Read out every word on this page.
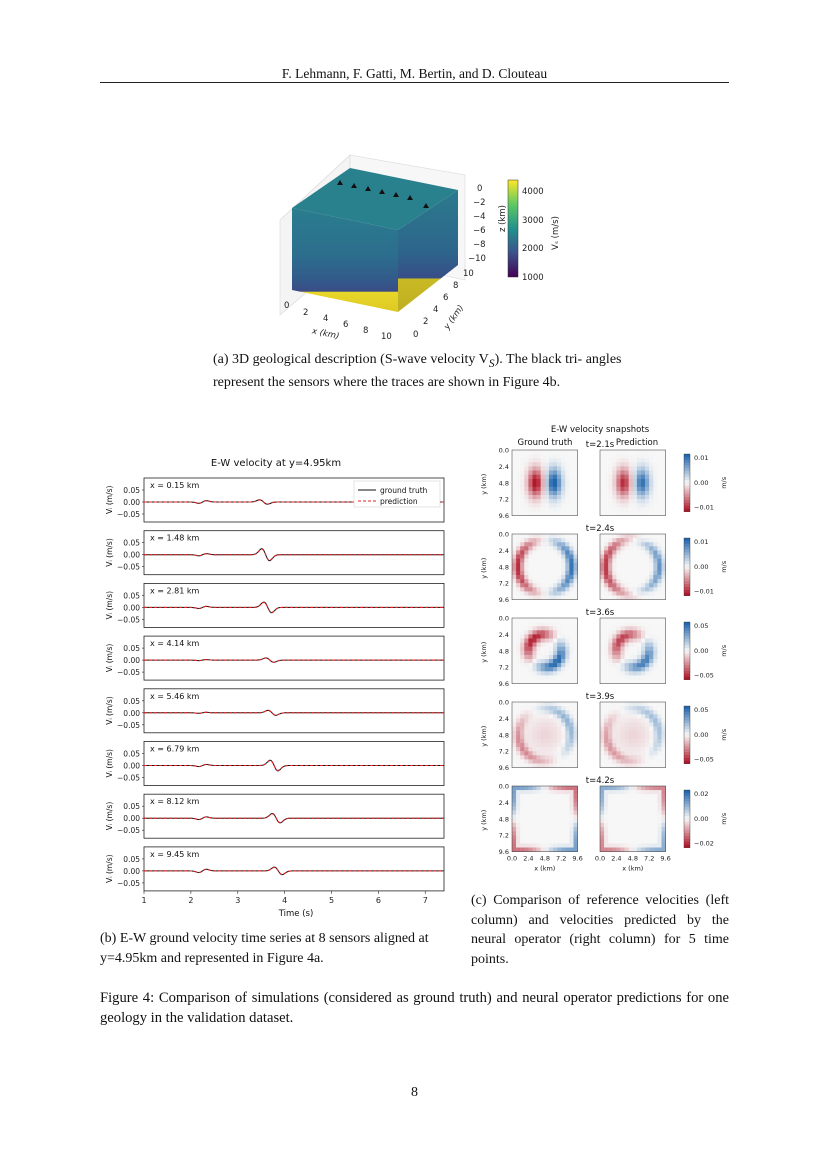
F. Lehmann, F. Gatti, M. Bertin, and D. Clouteau
0
−2
−4
−6
−8
−10
z (km)
0
2
4
6
8
10
x (km)	0
2
4
6
8
10
y (km)
4000
3000
2000
1000
Vₛ (m/s)
(a) 3D geological description (S-wave velocity $V_S$). The black tri- angles represent the sensors where the traces are shown in Figure 4b.
E-W velocity at y=4.95km
x = 0.15 km
0.05
0.00
−0.05
Vᵢ (m/s)	ground truth
prediction
x = 1.48 km
0.05
0.00
−0.05
Vᵢ (m/s)
x = 2.81 km
0.05
0.00
−0.05
Vᵢ (m/s)
x = 4.14 km
0.05
0.00
−0.05
Vᵢ (m/s)
x = 5.46 km
0.05
0.00
−0.05
Vᵢ (m/s)
x = 6.79 km
0.05
0.00
−0.05
Vᵢ (m/s)
x = 8.12 km
0.05
0.00
−0.05
Vᵢ (m/s)
x = 9.45 km
0.05
0.00
−0.05
Vᵢ (m/s)
1	2	3	4	5	6	7
Time (s)
(b) E-W ground velocity time series at 8 sensors aligned at y=4.95km and represented in Figure 4a.
E-W velocity snapshots
Ground truth	Prediction
t=2.1s
0.0
2.4
4.8
7.2
9.6
y (km)
0.01
0.00
−0.01
m/s
t=2.4s
0.0
2.4
4.8
7.2
9.6
y (km)
0.01
0.00
−0.01
m/s
t=3.6s
0.0
2.4
4.8
7.2
9.6
y (km)
0.05
0.00
−0.05
m/s
t=3.9s
0.0
2.4
4.8
7.2
9.6
y (km)
0.05
0.00
−0.05
m/s
t=4.2s
0.0
2.4
4.8
7.2
9.6
y (km)
0.02
0.00
−0.02
m/s
0.0 2.4 4.8 7.2 9.6
x (km)
0.0 2.4 4.8 7.2 9.6
x (km)
(c) Comparison of reference velocities (left column) and velocities predicted by the neural operator (right column) for 5 time points.
Figure 4: Comparison of simulations (considered as ground truth) and neural operator predictions for one geology in the validation dataset.
8
